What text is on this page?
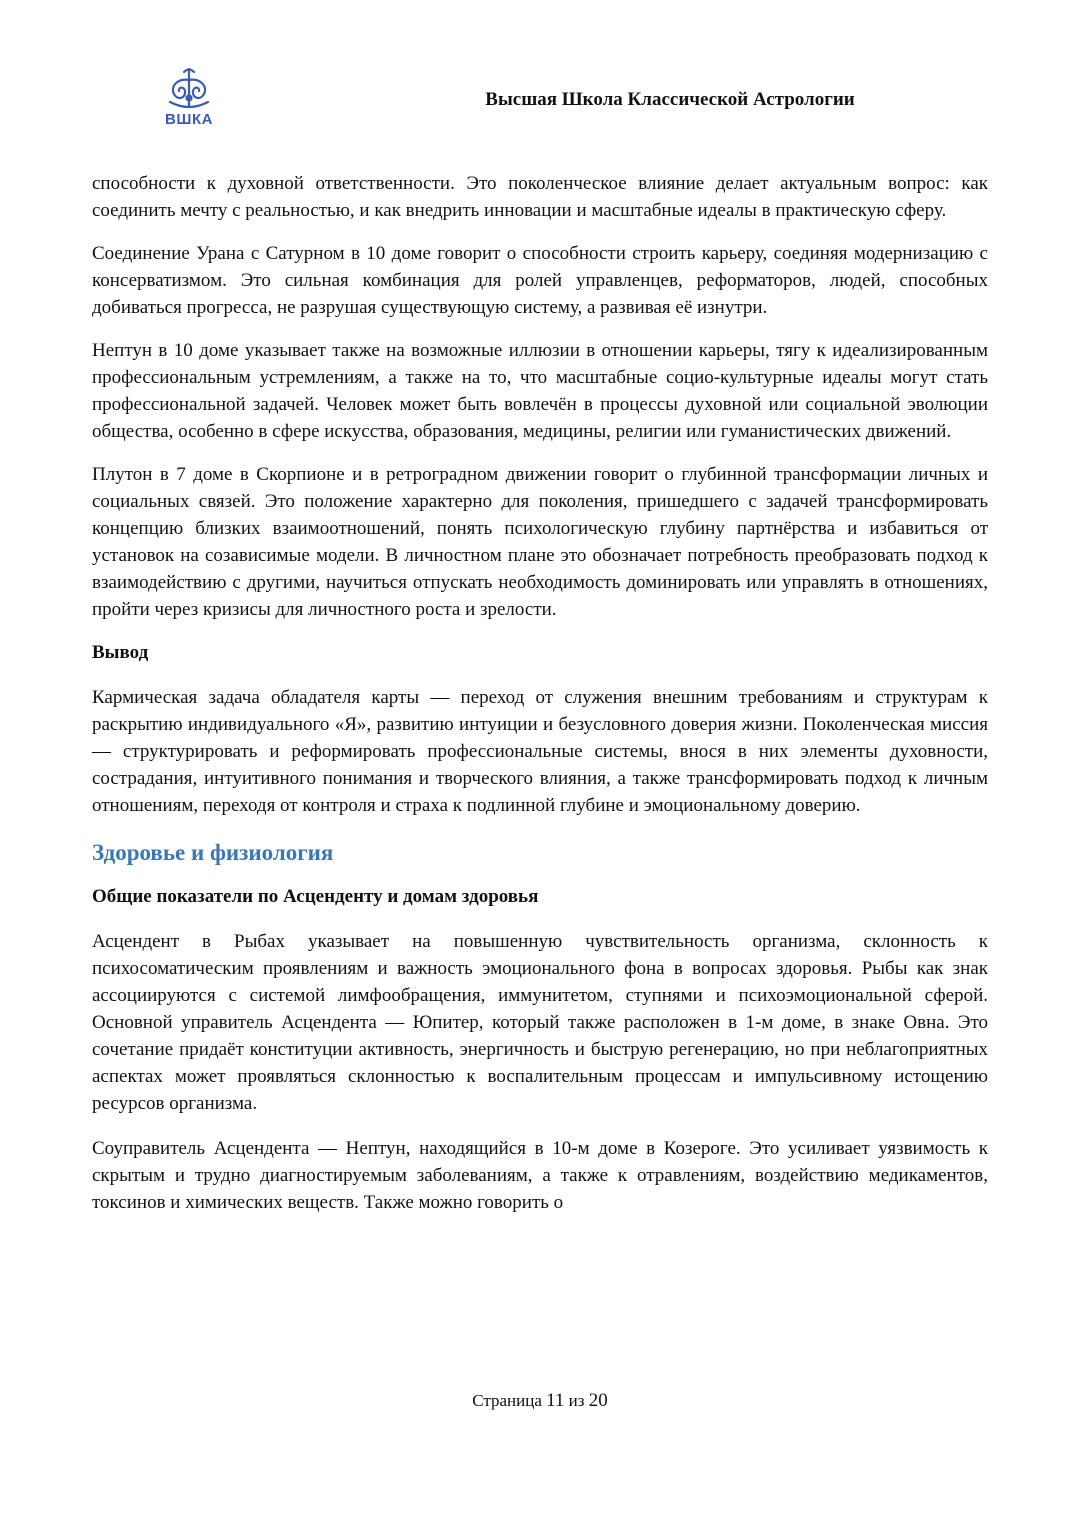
ВШКА
Высшая Школа Классической Астрологии

способности к духовной ответственности. Это поколенческое влияние делает актуальным вопрос: как соединить мечту с реальностью, и как внедрить инновации и масштабные идеалы в практическую сферу.

Соединение Урана с Сатурном в 10 доме говорит о способности строить карьеру, соединяя модернизацию с консерватизмом. Это сильная комбинация для ролей управленцев, реформаторов, людей, способных добиваться прогресса, не разрушая существующую систему, а развивая её изнутри.

Нептун в 10 доме указывает также на возможные иллюзии в отношении карьеры, тягу к идеализированным профессиональным устремлениям, а также на то, что масштабные социо-культурные идеалы могут стать профессиональной задачей. Человек может быть вовлечён в процессы духовной или социальной эволюции общества, особенно в сфере искусства, образования, медицины, религии или гуманистических движений.

Плутон в 7 доме в Скорпионе и в ретроградном движении говорит о глубинной трансформации личных и социальных связей. Это положение характерно для поколения, пришедшего с задачей трансформировать концепцию близких взаимоотношений, понять психологическую глубину партнёрства и избавиться от установок на созависимые модели. В личностном плане это обозначает потребность преобразовать подход к взаимодействию с другими, научиться отпускать необходимость доминировать или управлять в отношениях, пройти через кризисы для личностного роста и зрелости.

Вывод

Кармическая задача обладателя карты — переход от служения внешним требованиям и структурам к раскрытию индивидуального «Я», развитию интуиции и безусловного доверия жизни. Поколенческая миссия — структурировать и реформировать профессиональные системы, внося в них элементы духовности, сострадания, интуитивного понимания и творческого влияния, а также трансформировать подход к личным отношениям, переходя от контроля и страха к подлинной глубине и эмоциональному доверию.

Здоровье и физиология
Общие показатели по Асценденту и домам здоровья

Асцендент в Рыбах указывает на повышенную чувствительность организма, склонность к психосоматическим проявлениям и важность эмоционального фона в вопросах здоровья. Рыбы как знак ассоциируются с системой лимфообращения, иммунитетом, ступнями и психоэмоциональной сферой. Основной управитель Асцендента — Юпитер, который также расположен в 1-м доме, в знаке Овна. Это сочетание придаёт конституции активность, энергичность и быструю регенерацию, но при неблагоприятных аспектах может проявляться склонностью к воспалительным процессам и импульсивному истощению ресурсов организма.

Соуправитель Асцендента — Нептун, находящийся в 10-м доме в Козероге. Это усиливает уязвимость к скрытым и трудно диагностируемым заболеваниям, а также к отравлениям, воздействию медикаментов, токсинов и химических веществ. Также можно говорить о

Страница 11 из 20
